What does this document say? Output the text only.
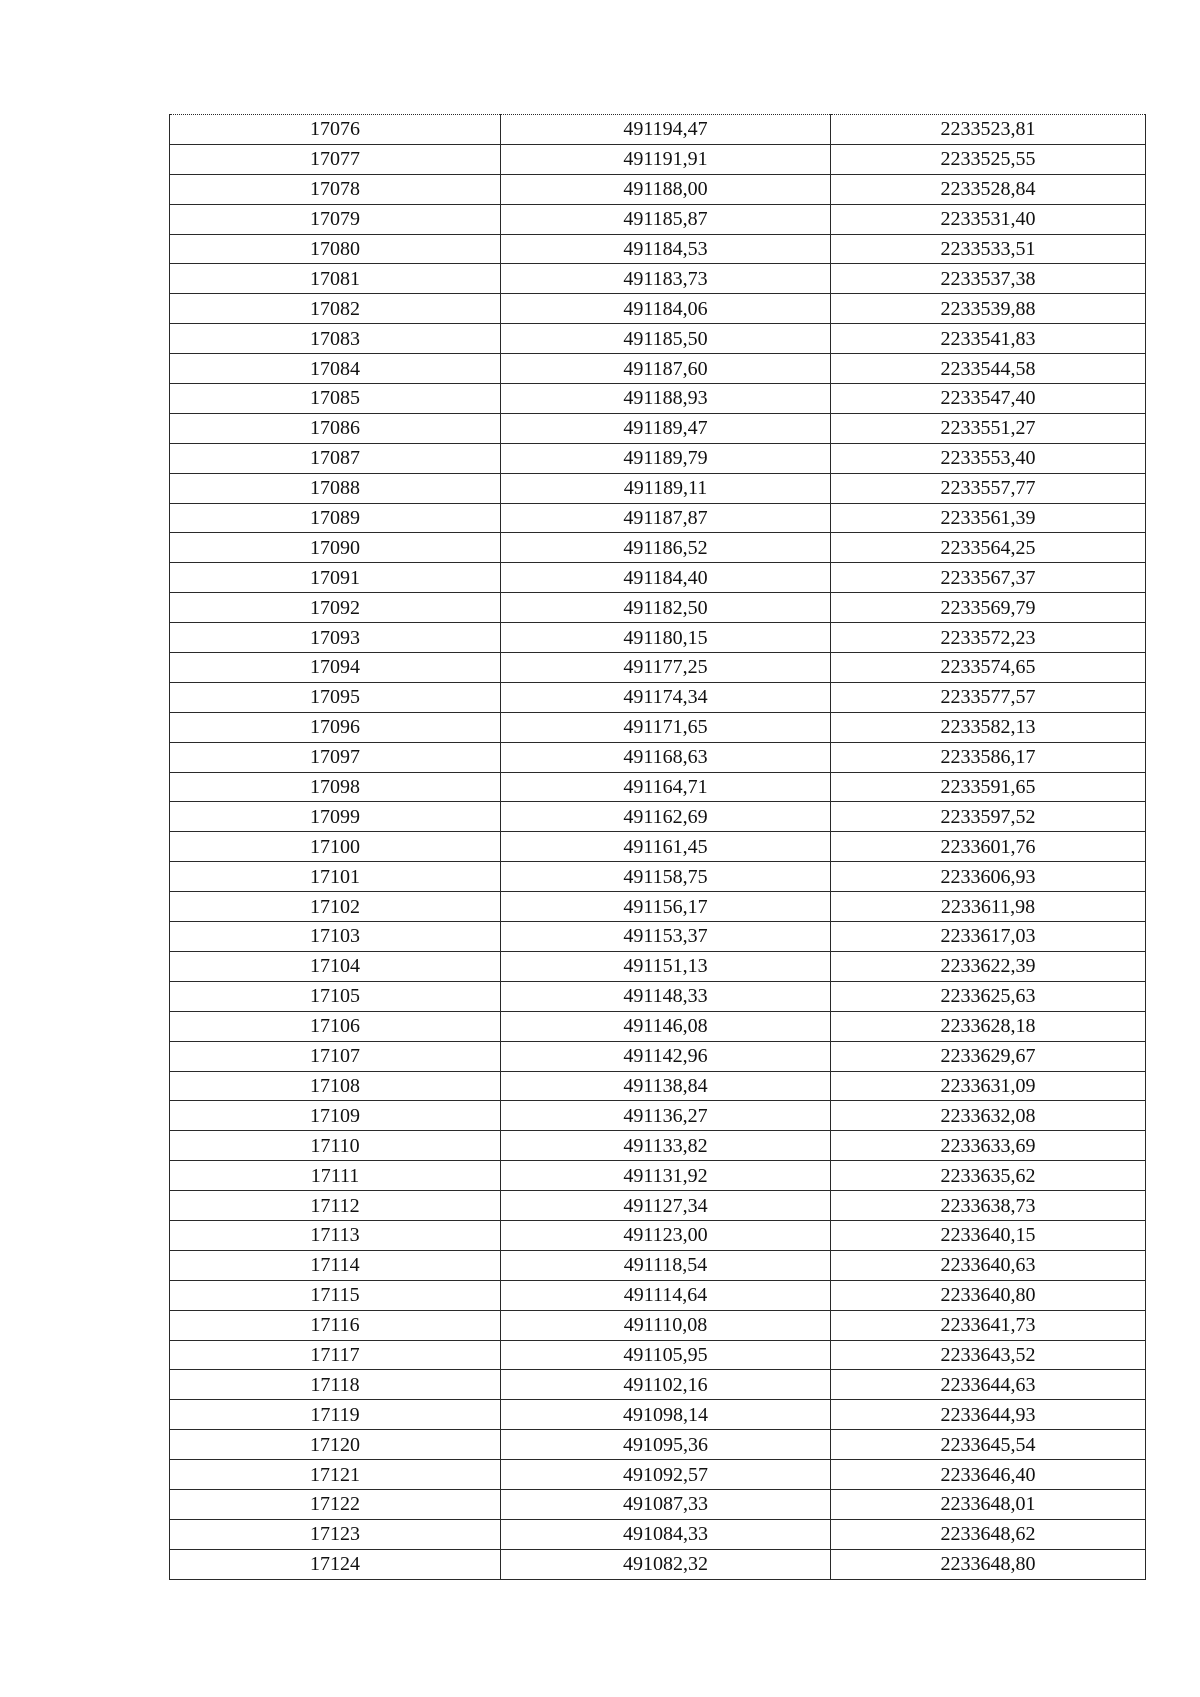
17076	491194,47	2233523,81
17077	491191,91	2233525,55
17078	491188,00	2233528,84
17079	491185,87	2233531,40
17080	491184,53	2233533,51
17081	491183,73	2233537,38
17082	491184,06	2233539,88
17083	491185,50	2233541,83
17084	491187,60	2233544,58
17085	491188,93	2233547,40
17086	491189,47	2233551,27
17087	491189,79	2233553,40
17088	491189,11	2233557,77
17089	491187,87	2233561,39
17090	491186,52	2233564,25
17091	491184,40	2233567,37
17092	491182,50	2233569,79
17093	491180,15	2233572,23
17094	491177,25	2233574,65
17095	491174,34	2233577,57
17096	491171,65	2233582,13
17097	491168,63	2233586,17
17098	491164,71	2233591,65
17099	491162,69	2233597,52
17100	491161,45	2233601,76
17101	491158,75	2233606,93
17102	491156,17	2233611,98
17103	491153,37	2233617,03
17104	491151,13	2233622,39
17105	491148,33	2233625,63
17106	491146,08	2233628,18
17107	491142,96	2233629,67
17108	491138,84	2233631,09
17109	491136,27	2233632,08
17110	491133,82	2233633,69
17111	491131,92	2233635,62
17112	491127,34	2233638,73
17113	491123,00	2233640,15
17114	491118,54	2233640,63
17115	491114,64	2233640,80
17116	491110,08	2233641,73
17117	491105,95	2233643,52
17118	491102,16	2233644,63
17119	491098,14	2233644,93
17120	491095,36	2233645,54
17121	491092,57	2233646,40
17122	491087,33	2233648,01
17123	491084,33	2233648,62
17124	491082,32	2233648,80
